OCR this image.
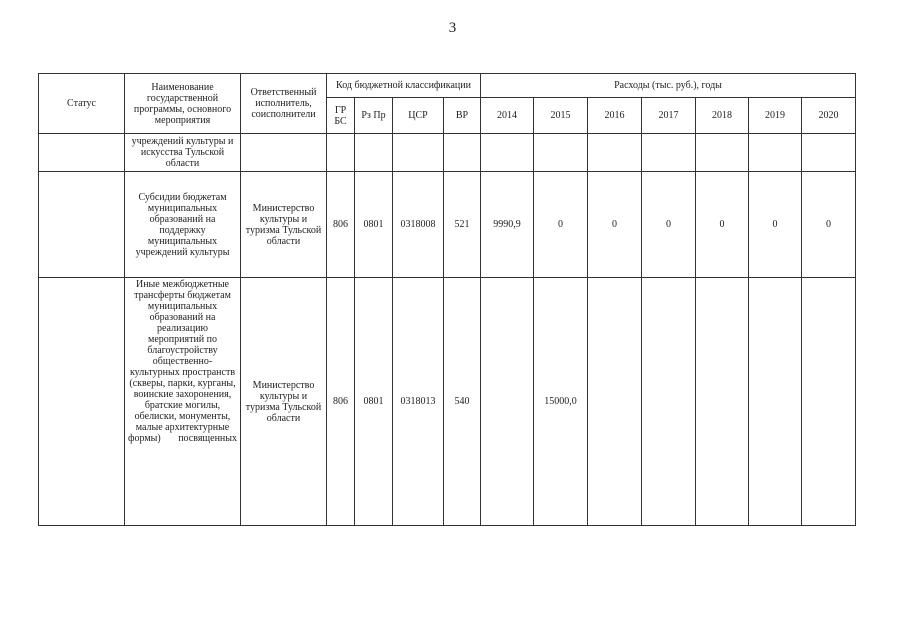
3
Статус	Наименование государственной программы, основного мероприятия	Ответственный исполнитель, соисполнители	Код бюджетной классификации				Расходы (тыс. руб.), годы						
			ГР БС	Рз Пр	ЦСР	ВР	2014	2015	2016	2017	2018	2019	2020
	учреждений культуры и искусства Тульской области												
	Субсидии бюджетам муниципальных образований на поддержку муниципальных учреждений культуры	Министерство культуры и туризма Тульской области	806	0801	0318008	521	9990,9	0	0	0	0	0	0
	Иные межбюджетные трансферты бюджетам муниципальных образований на реализацию мероприятий по благоустройству общественно-культурных пространств (скверы, парки, курганы, воинские захоронения, братские могилы, обелиски, монументы, малые архитектурные формы) посвященных	Министерство культуры и туризма Тульской области	806	0801	0318013	540		15000,0					
